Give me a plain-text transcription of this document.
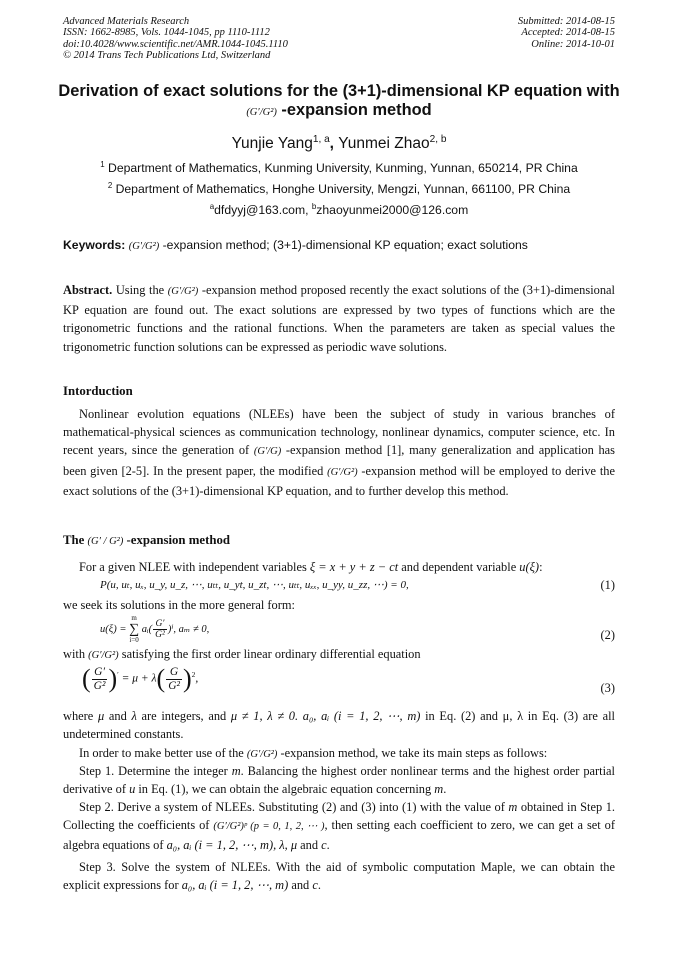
Advanced Materials Research
ISSN: 1662-8985, Vols. 1044-1045, pp 1110-1112
doi:10.4028/www.scientific.net/AMR.1044-1045.1110
© 2014 Trans Tech Publications Ltd, Switzerland
Submitted: 2014-08-15
Accepted: 2014-08-15
Online: 2014-10-01
Derivation of exact solutions for the (3+1)-dimensional KP equation with
(G′/G²) -expansion method
Yunjie Yang$^{1, a}$, Yunmei Zhao$^{2, b}$
$^1$ Department of Mathematics, Kunming University, Kunming, Yunnan, 650214, PR China
$^2$ Department of Mathematics, Honghe University, Mengzi, Yunnan, 661100, PR China
$^a$dfdyyj@163.com, $^b$zhaoyunmei2000@126.com
Keywords: (G′/G²) -expansion method; (3+1)-dimensional KP equation; exact solutions
Abstract. Using the (G′/G²) -expansion method proposed recently the exact solutions of the (3+1)-dimensional KP equation are found out. The exact solutions are expressed by two types of functions which are the trigonometric functions and the rational functions. When the parameters are taken as special values the trigonometric function solutions can be expressed as periodic wave solutions.
Intorduction
Nonlinear evolution equations (NLEEs) have been the subject of study in various branches of mathematical-physical sciences as communication technology, nonlinear dynamics, computer science, etc. In recent years, since the generation of (G′/G) -expansion method [1], many generalization and application has been given [2-5]. In the present paper, the modified (G′/G²) -expansion method will be employed to derive the exact solutions of the (3+1)-dimensional KP equation, and to further develop this method.
The (G′ / G²) -expansion method
For a given NLEE with independent variables ξ = x + y + z − ct and dependent variable u(ξ):
P(u, uₜ, uₓ, u_y, u_z, ⋯, uₜₜ, u_yt, u_zt, ⋯, uₜₜ, uₓₓ, u_yy, u_zz, ⋯) = 0,	(1)
we seek its solutions in the more general form:
u(ξ) =
m
∑
i=0
aᵢ( $\frac{G'}{\text{G²}} )^i$, aₘ ≠ 0,	(2)
with (G′/G²) satisfying the first order linear ordinary differential equation
( $\frac{G'}{\text{G²}} )' = \mu + \lambda( \frac{G}{\text{G²}} )^2$,
(3)
where μ and λ are integers, and μ ≠ 1, λ ≠ 0. a₀, aᵢ (i = 1, 2, ⋯, m) in Eq. (2) and μ, λ in Eq. (3) are all undetermined constants.
In order to make better use of the (G′/G²) -expansion method, we take its main steps as follows:
Step 1. Determine the integer m. Balancing the highest order nonlinear terms and the highest order partial derivative of u in Eq. (1), we can obtain the algebraic equation concerning m.
Step 2. Derive a system of NLEEs. Substituting (2) and (3) into (1) with the value of m obtained in Step 1. Collecting the coefficients of (G′/G²)ᵖ (p = 0, 1, 2, ⋯ ), then setting each coefficient to zero, we can get a set of algebra equations of a₀, aᵢ (i = 1, 2, ⋯, m), λ, μ and c.
Step 3. Solve the system of NLEEs. With the aid of symbolic computation Maple, we can obtain the explicit expressions for a₀, aᵢ (i = 1, 2, ⋯, m) and c.
